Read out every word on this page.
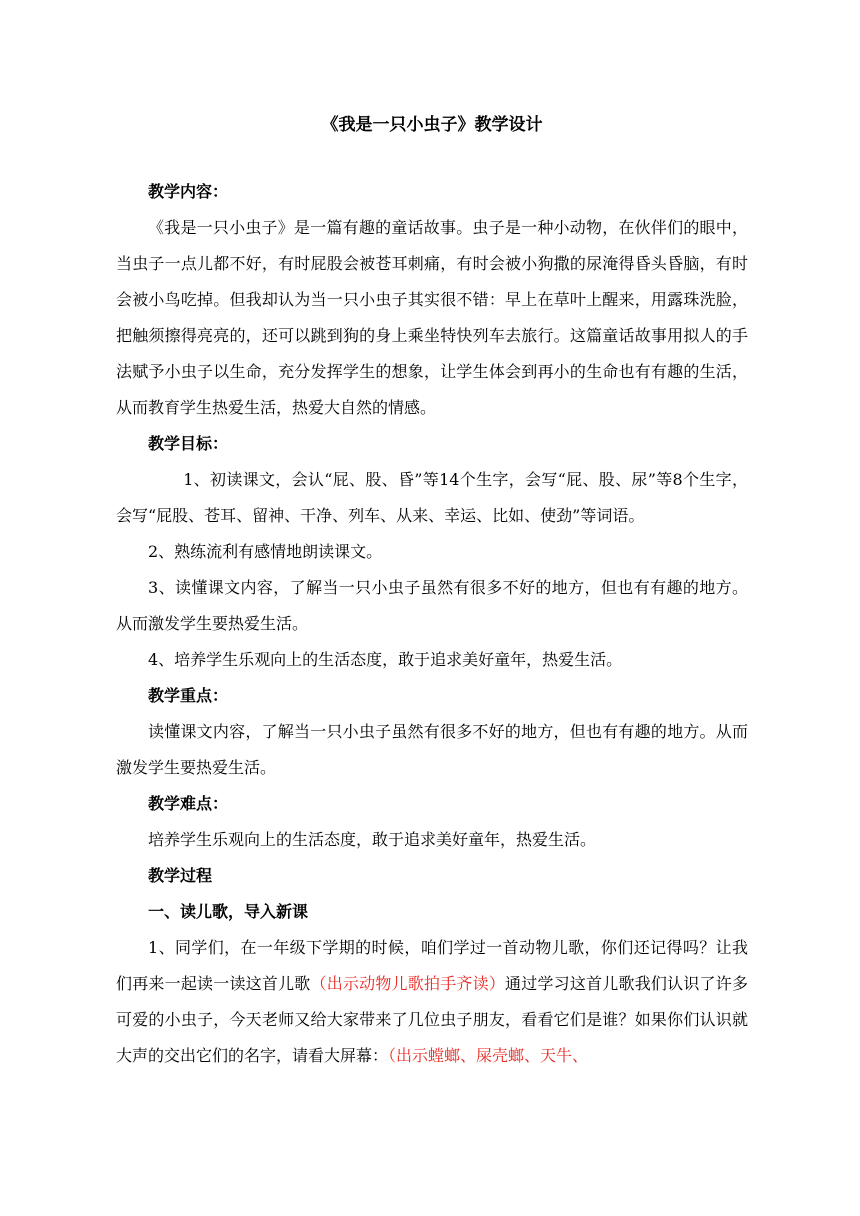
《我是一只小虫子》教学设计

教学内容：

《我是一只小虫子》是一篇有趣的童话故事。虫子是一种小动物，在伙伴们的眼中，当虫子一点儿都不好，有时屁股会被苍耳刺痛，有时会被小狗撒的尿淹得昏头昏脑，有时会被小鸟吃掉。但我却认为当一只小虫子其实很不错：早上在草叶上醒来，用露珠洗脸，把触须擦得亮亮的，还可以跳到狗的身上乘坐特快列车去旅行。这篇童话故事用拟人的手法赋予小虫子以生命，充分发挥学生的想象，让学生体会到再小的生命也有有趣的生活，从而教育学生热爱生活，热爱大自然的情感。

教学目标：

1、初读课文，会认“屁、股、昏”等14个生字，会写“屁、股、尿”等8个生字，会写“屁股、苍耳、留神、干净、列车、从来、幸运、比如、使劲”等词语。

2、熟练流利有感情地朗读课文。

3、读懂课文内容，了解当一只小虫子虽然有很多不好的地方，但也有有趣的地方。从而激发学生要热爱生活。

4、培养学生乐观向上的生活态度，敢于追求美好童年，热爱生活。

教学重点：

读懂课文内容，了解当一只小虫子虽然有很多不好的地方，但也有有趣的地方。从而激发学生要热爱生活。

教学难点：

培养学生乐观向上的生活态度，敢于追求美好童年，热爱生活。

教学过程

一、读儿歌，导入新课

1、同学们，在一年级下学期的时候，咱们学过一首动物儿歌，你们还记得吗？让我们再来一起读一读这首儿歌（出示动物儿歌拍手齐读）通过学习这首儿歌我们认识了许多可爱的小虫子，今天老师又给大家带来了几位虫子朋友，看看它们是谁？如果你们认识就大声的交出它们的名字，请看大屏幕：（出示螳螂、屎壳螂、天牛、
